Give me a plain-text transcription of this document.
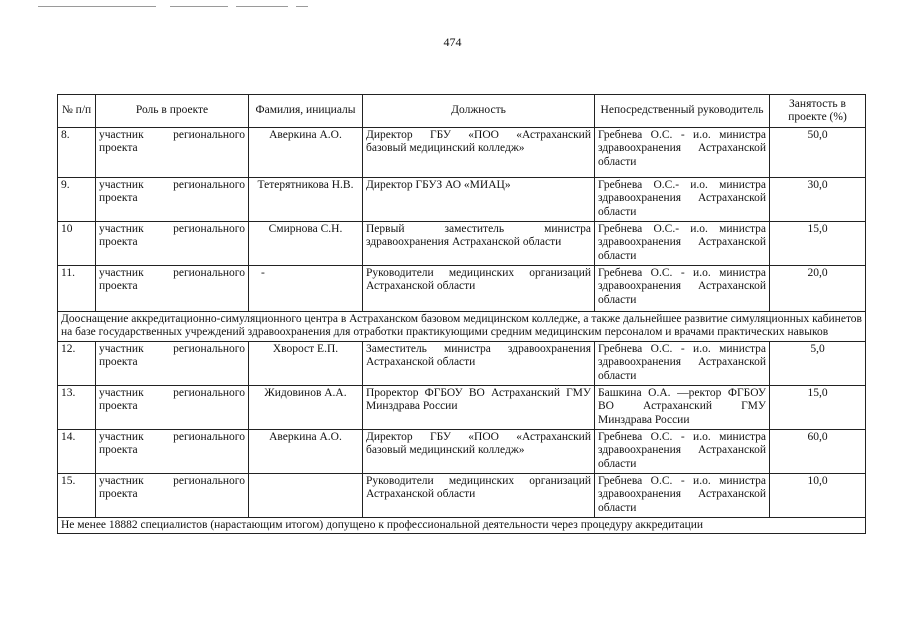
474
№ п/п	Роль в проекте	Фамилия, инициалы	Должность	Непосредственный руководитель	Занятость в проекте (%)
8.	участник регионального проекта	Аверкина А.О.	Директор ГБУ «ПОО «Астраханский базовый медицинский колледж»	Гребнева О.С. - и.о. министра здравоохранения Астраханской области	50,0
9.	участник регионального проекта	Тетерятникова Н.В.	Директор ГБУЗ АО «МИАЦ»	Гребнева О.С.- и.о. министра здравоохранения Астраханской области	30,0
10	участник регионального проекта	Смирнова С.Н.	Первый заместитель министра здравоохранения Астраханской области	Гребнева О.С.- и.о. министра здравоохранения Астраханской области	15,0
11.	участник регионального проекта	-	Руководители медицинских организаций Астраханской области	Гребнева О.С. - и.о. министра здравоохранения Астраханской области	20,0
Дооснащение аккредитационно-симуляционного центра в Астраханском базовом медицинском колледже, а также дальнейшее развитие симуляционных кабинетов на базе государственных учреждений здравоохранения для отработки практикующими средним медицинским персоналом и врачами практических навыков					
12.	участник регионального проекта	Хворост Е.П.	Заместитель министра здравоохранения Астраханской области	Гребнева О.С. - и.о. министра здравоохранения Астраханской области	5,0
13.	участник регионального проекта	Жидовинов А.А.	Проректор ФГБОУ ВО Астраханский ГМУ Минздрава России	Башкина О.А. —ректор ФГБОУ ВО Астраханский ГМУ Минздрава России	15,0
14.	участник регионального проекта	Аверкина А.О.	Директор ГБУ «ПОО «Астраханский базовый медицинский колледж»	Гребнева О.С. - и.о. министра здравоохранения Астраханской области	60,0
15.	участник регионального проекта		Руководители медицинских организаций Астраханской области	Гребнева О.С. - и.о. министра здравоохранения Астраханской области	10,0
Не менее 18882 специалистов (нарастающим итогом) допущено к профессиональной деятельности через процедуру аккредитации					
